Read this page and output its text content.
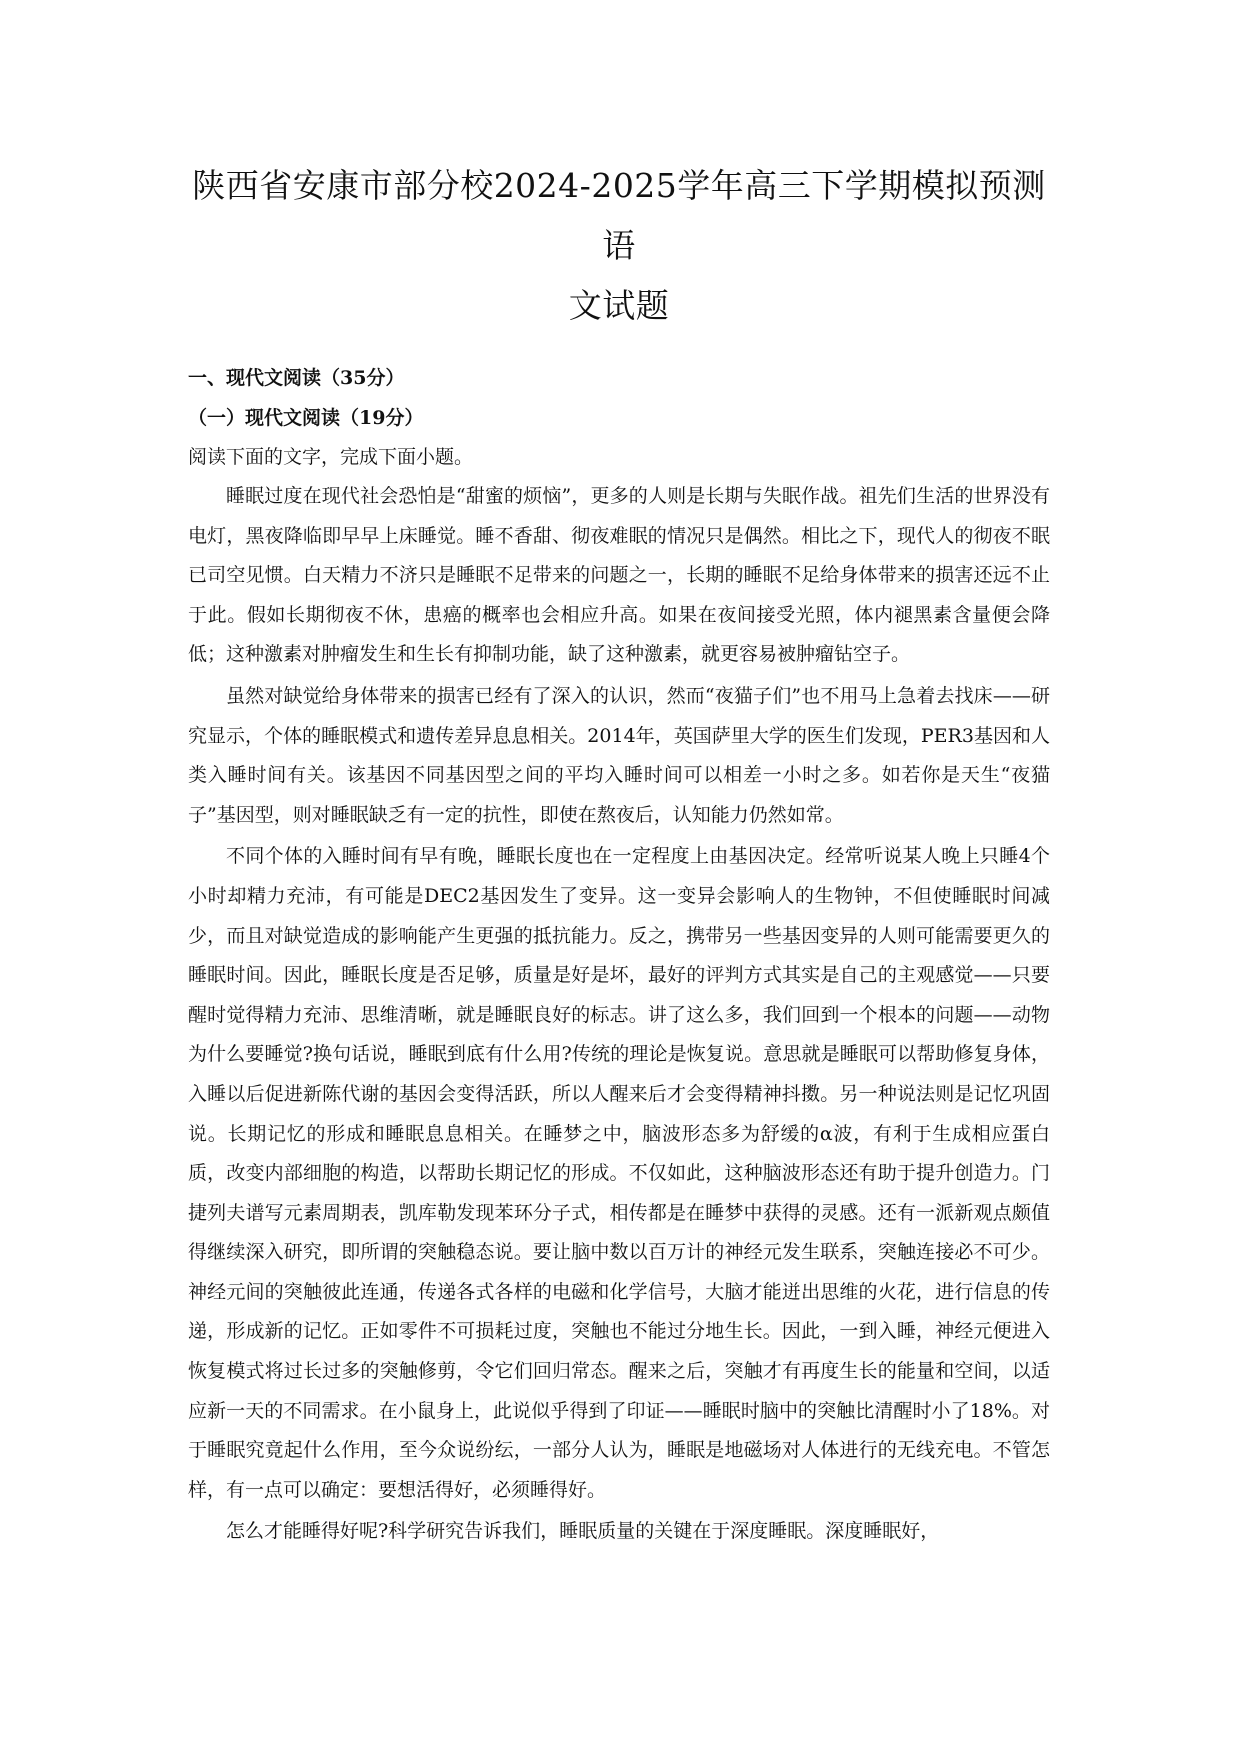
陕西省安康市部分校2024-2025学年高三下学期模拟预测语
文试题
一、现代文阅读（35分）
（一）现代文阅读（19分）

阅读下面的文字，完成下面小题。

睡眠过度在现代社会恐怕是“甜蜜的烦恼”，更多的人则是长期与失眠作战。祖先们生活的世界没有电灯，黑夜降临即早早上床睡觉。睡不香甜、彻夜难眠的情况只是偶然。相比之下，现代人的彻夜不眠已司空见惯。白天精力不济只是睡眠不足带来的问题之一，长期的睡眠不足给身体带来的损害还远不止于此。假如长期彻夜不休，患癌的概率也会相应升高。如果在夜间接受光照，体内褪黑素含量便会降低；这种激素对肿瘤发生和生长有抑制功能，缺了这种激素，就更容易被肿瘤钻空子。

虽然对缺觉给身体带来的损害已经有了深入的认识，然而“夜猫子们”也不用马上急着去找床——研究显示，个体的睡眠模式和遗传差异息息相关。2014年，英国萨里大学的医生们发现，PER3基因和人类入睡时间有关。该基因不同基因型之间的平均入睡时间可以相差一小时之多。如若你是天生“夜猫子”基因型，则对睡眠缺乏有一定的抗性，即使在熬夜后，认知能力仍然如常。

不同个体的入睡时间有早有晚，睡眠长度也在一定程度上由基因决定。经常听说某人晚上只睡4个小时却精力充沛，有可能是DEC2基因发生了变异。这一变异会影响人的生物钟，不但使睡眠时间减少，而且对缺觉造成的影响能产生更强的抵抗能力。反之，携带另一些基因变异的人则可能需要更久的睡眠时间。因此，睡眠长度是否足够，质量是好是坏，最好的评判方式其实是自己的主观感觉——只要醒时觉得精力充沛、思维清晰，就是睡眠良好的标志。讲了这么多，我们回到一个根本的问题——动物为什么要睡觉?换句话说，睡眠到底有什么用?传统的理论是恢复说。意思就是睡眠可以帮助修复身体，入睡以后促进新陈代谢的基因会变得活跃，所以人醒来后才会变得精神抖擞。另一种说法则是记忆巩固说。长期记忆的形成和睡眠息息相关。在睡梦之中，脑波形态多为舒缓的α波，有利于生成相应蛋白质，改变内部细胞的构造，以帮助长期记忆的形成。不仅如此，这种脑波形态还有助于提升创造力。门捷列夫谱写元素周期表，凯库勒发现苯环分子式，相传都是在睡梦中获得的灵感。还有一派新观点颇值得继续深入研究，即所谓的突触稳态说。要让脑中数以百万计的神经元发生联系，突触连接必不可少。神经元间的突触彼此连通，传递各式各样的电磁和化学信号，大脑才能迸出思维的火花，进行信息的传递，形成新的记忆。正如零件不可损耗过度，突触也不能过分地生长。因此，一到入睡，神经元便进入恢复模式将过长过多的突触修剪，令它们回归常态。醒来之后，突触才有再度生长的能量和空间，以适应新一天的不同需求。在小鼠身上，此说似乎得到了印证——睡眠时脑中的突触比清醒时小了18%。对于睡眠究竟起什么作用，至今众说纷纭，一部分人认为，睡眠是地磁场对人体进行的无线充电。不管怎样，有一点可以确定：要想活得好，必须睡得好。

怎么才能睡得好呢?科学研究告诉我们，睡眠质量的关键在于深度睡眠。深度睡眠好，
